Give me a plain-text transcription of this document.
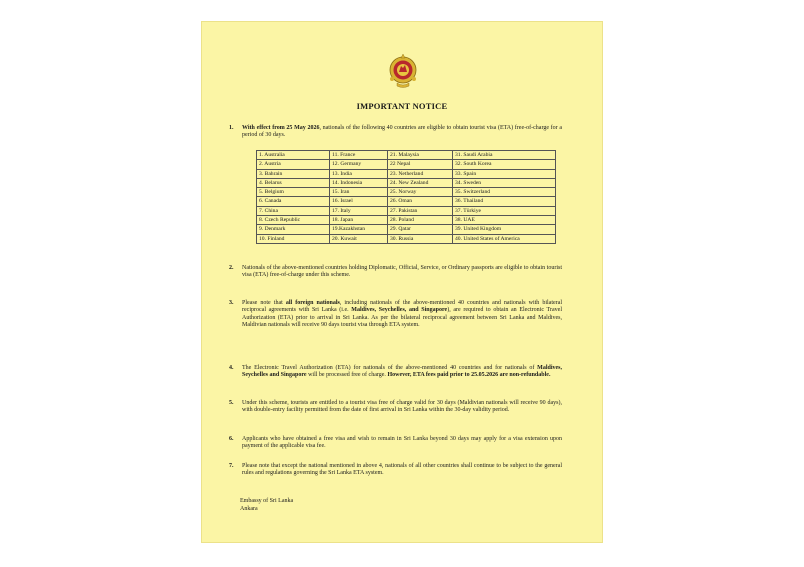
IMPORTANT NOTICE
1. With effect from 25 May 2026, nationals of the following 40 countries are eligible to obtain tourist visa (ETA) free-of-charge for a period of 30 days.
1. Australia	11. France	21. Malaysia	31. Saudi Arabia
2. Austria	12. Germany	22 Nepal	32. South Korea
3. Bahrain	13. India	23. Netherland	33. Spain
4. Belarus	14. Indonesia	24. New Zealand	34. Sweden
5. Belgium	15. Iran	25. Norway	35. Switzerland
6. Canada	16. Israel	26. Oman	36. Thailand
7. China	17. Italy	27. Pakistan	37. Türkiye
8. Czech Republic	18. Japan	28. Poland	38. UAE
9. Denmark	19.Kazakhstan	29. Qatar	39. United Kingdom
10. Finland	20. Kuwait	30. Russia	40. United States of America
2. Nationals of the above-mentioned countries holding Diplomatic, Official, Service, or Ordinary passports are eligible to obtain tourist visa (ETA) free-of-charge under this scheme.
3. Please note that all foreign nationals, including nationals of the above-mentioned 40 countries and nationals with bilateral reciprocal agreements with Sri Lanka (i.e. Maldives, Seychelles, and Singapore), are required to obtain an Electronic Travel Authorization (ETA) prior to arrival in Sri Lanka. As per the bilateral reciprocal agreement between Sri Lanka and Maldives, Maldivian nationals will receive 90 days tourist visa through ETA system.
4. The Electronic Travel Authorization (ETA) for nationals of the above-mentioned 40 countries and for nationals of Maldives, Seychelles and Singapore will be processed free of charge. However, ETA fees paid prior to 25.05.2026 are non-refundable.
5. Under this scheme, tourists are entitled to a tourist visa free of charge valid for 30 days (Maldivian nationals will receive 90 days), with double-entry facility permitted from the date of first arrival in Sri Lanka within the 30-day validity period.
6. Applicants who have obtained a free visa and wish to remain in Sri Lanka beyond 30 days may apply for a visa extension upon payment of the applicable visa fee.
7. Please note that except the national mentioned in above 4, nationals of all other countries shall continue to be subject to the general rules and regulations governing the Sri Lanka ETA system.
Embassy of Sri Lanka
Ankara
